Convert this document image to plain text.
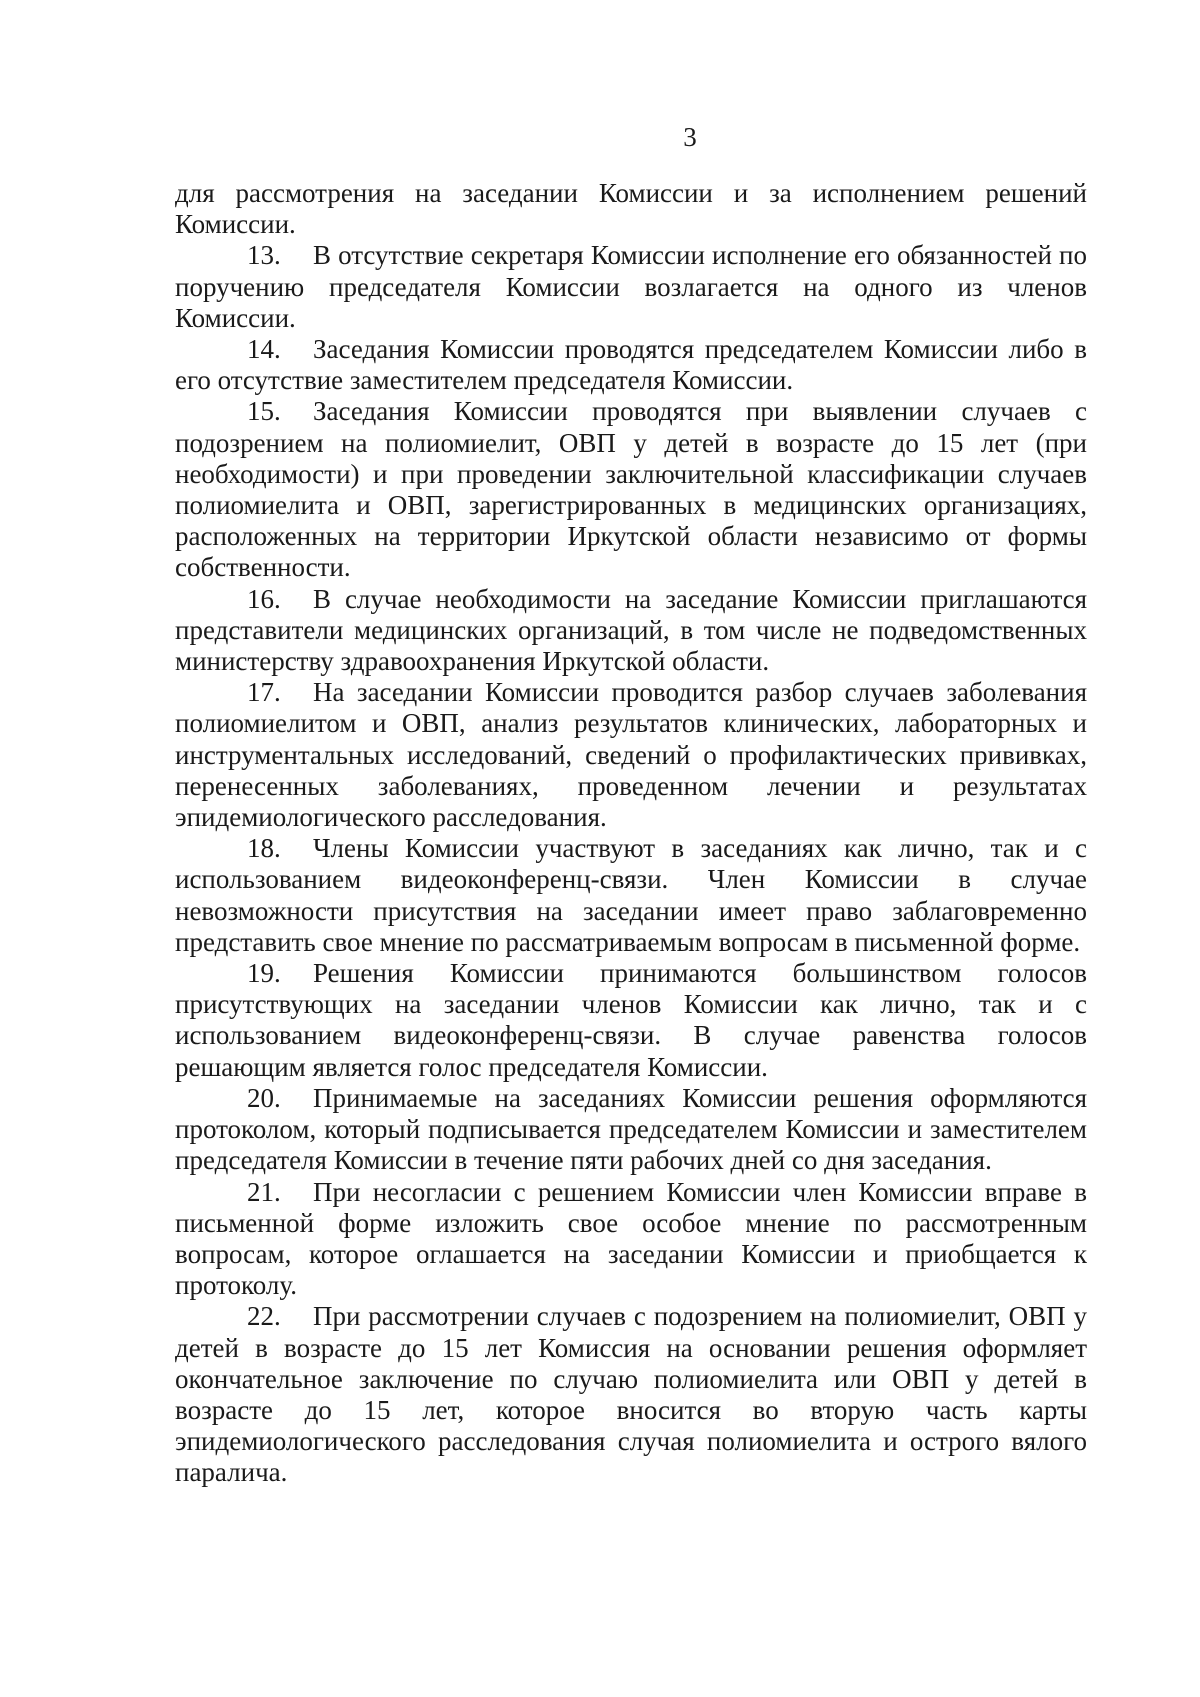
3

для рассмотрения на заседании Комиссии и за исполнением решений Комиссии.

13. В отсутствие секретаря Комиссии исполнение его обязанностей по поручению председателя Комиссии возлагается на одного из членов Комиссии.

14. Заседания Комиссии проводятся председателем Комиссии либо в его отсутствие заместителем председателя Комиссии.

15. Заседания Комиссии проводятся при выявлении случаев с подозрением на полиомиелит, ОВП у детей в возрасте до 15 лет (при необходимости) и при проведении заключительной классификации случаев полиомиелита и ОВП, зарегистрированных в медицинских организациях, расположенных на территории Иркутской области независимо от формы собственности.

16. В случае необходимости на заседание Комиссии приглашаются представители медицинских организаций, в том числе не подведомственных министерству здравоохранения Иркутской области.

17. На заседании Комиссии проводится разбор случаев заболевания полиомиелитом и ОВП, анализ результатов клинических, лабораторных и инструментальных исследований, сведений о профилактических прививках, перенесенных заболеваниях, проведенном лечении и результатах эпидемиологического расследования.

18. Члены Комиссии участвуют в заседаниях как лично, так и с использованием видеоконференц-связи. Член Комиссии в случае невозможности присутствия на заседании имеет право заблаговременно представить свое мнение по рассматриваемым вопросам в письменной форме.

19. Решения Комиссии принимаются большинством голосов присутствующих на заседании членов Комиссии как лично, так и с использованием видеоконференц-связи. В случае равенства голосов решающим является голос председателя Комиссии.

20. Принимаемые на заседаниях Комиссии решения оформляются протоколом, который подписывается председателем Комиссии и заместителем председателя Комиссии в течение пяти рабочих дней со дня заседания.

21. При несогласии с решением Комиссии член Комиссии вправе в письменной форме изложить свое особое мнение по рассмотренным вопросам, которое оглашается на заседании Комиссии и приобщается к протоколу.

22. При рассмотрении случаев с подозрением на полиомиелит, ОВП у детей в возрасте до 15 лет Комиссия на основании решения оформляет окончательное заключение по случаю полиомиелита или ОВП у детей в возрасте до 15 лет, которое вносится во вторую часть карты эпидемиологического расследования случая полиомиелита и острого вялого паралича.
